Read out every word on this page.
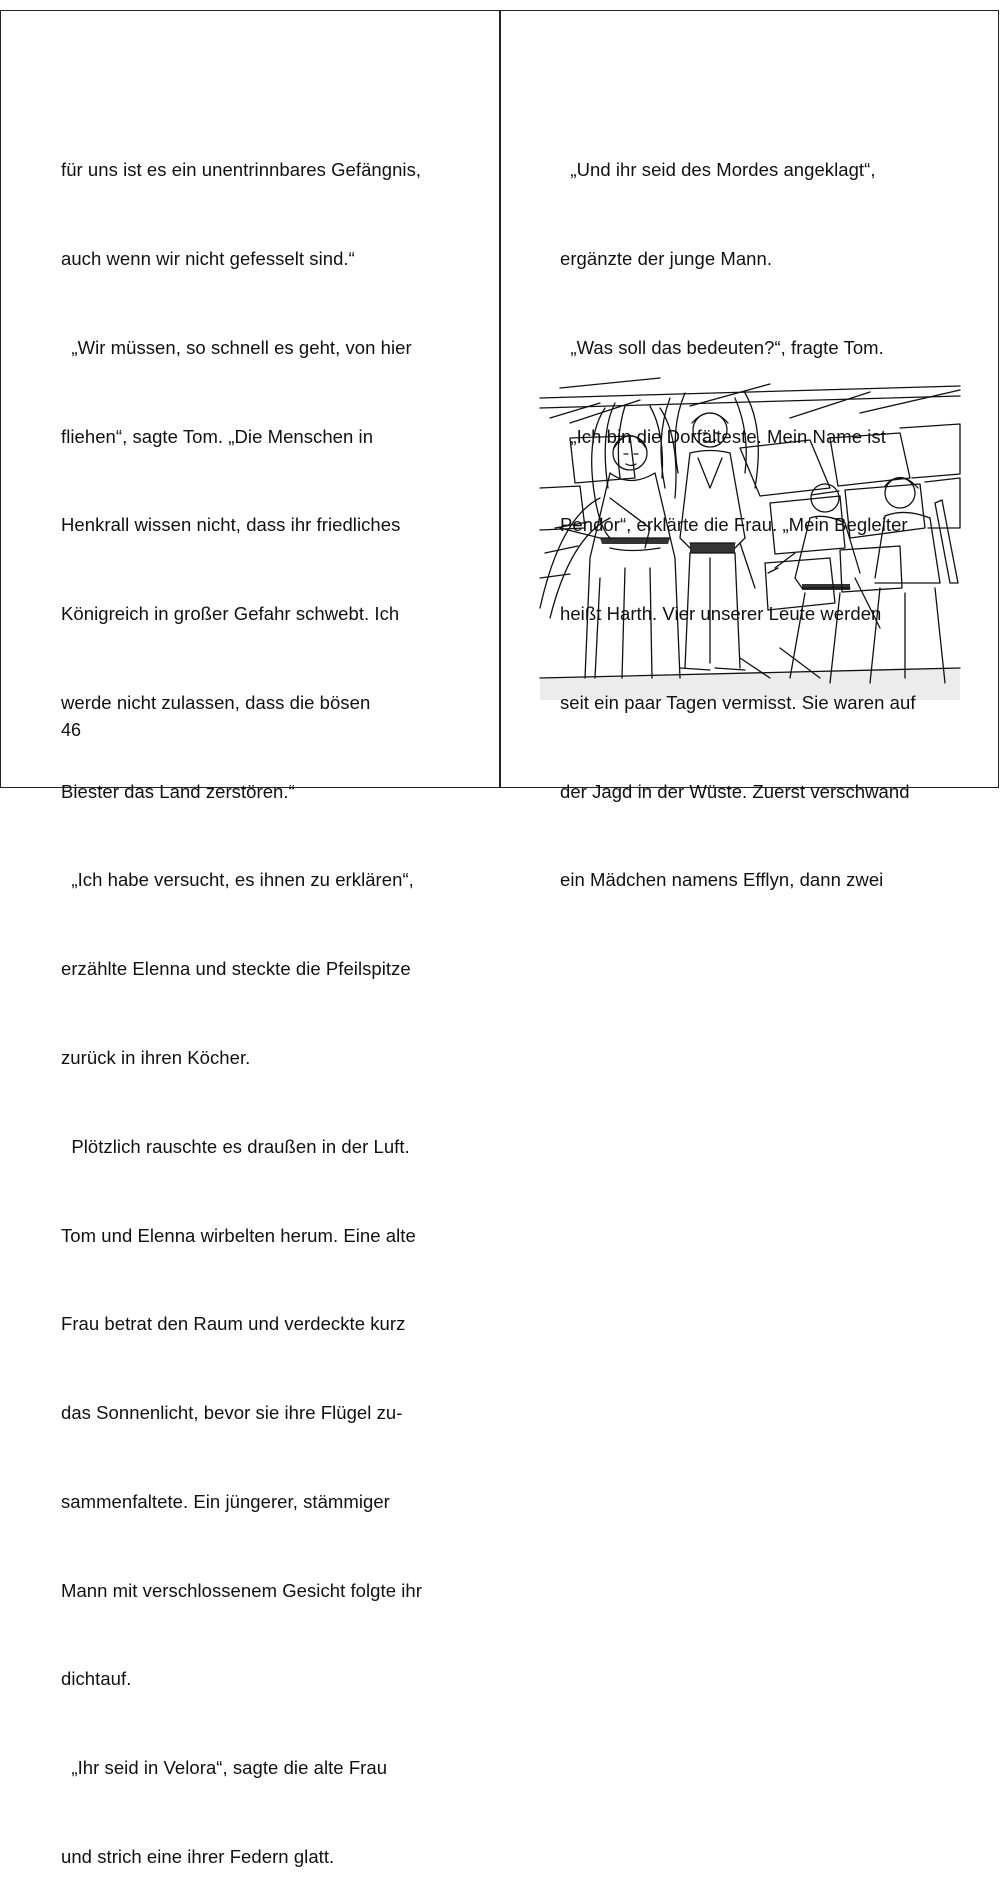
für uns ist es ein unentrinnbares Gefängnis,

auch wenn wir nicht gefesselt sind.“

„Wir müssen, so schnell es geht, von hier

fliehen“, sagte Tom. „Die Menschen in

Henkrall wissen nicht, dass ihr friedliches

Königreich in großer Gefahr schwebt. Ich

werde nicht zulassen, dass die bösen

Biester das Land zerstören.“

„Ich habe versucht, es ihnen zu erklären“,

erzählte Elenna und steckte die Pfeilspitze

zurück in ihren Köcher.

Plötzlich rauschte es draußen in der Luft.

Tom und Elenna wirbelten herum. Eine alte

Frau betrat den Raum und verdeckte kurz

das Sonnenlicht, bevor sie ihre Flügel zu-

sammenfaltete. Ein jüngerer, stämmiger

Mann mit verschlossenem Gesicht folgte ihr

dichtauf.

„Ihr seid in Velora“, sagte die alte Frau

und strich eine ihrer Federn glatt.

46

„Und ihr seid des Mordes angeklagt“,

ergänzte der junge Mann.

„Was soll das bedeuten?“, fragte Tom.

„Ich bin die Dorfälteste. Mein Name ist

Pendor“, erklärte die Frau. „Mein Begleiter

heißt Harth. Vier unserer Leute werden

seit ein paar Tagen vermisst. Sie waren auf

der Jagd in der Wüste. Zuerst verschwand

ein Mädchen namens Efflyn, dann zwei
